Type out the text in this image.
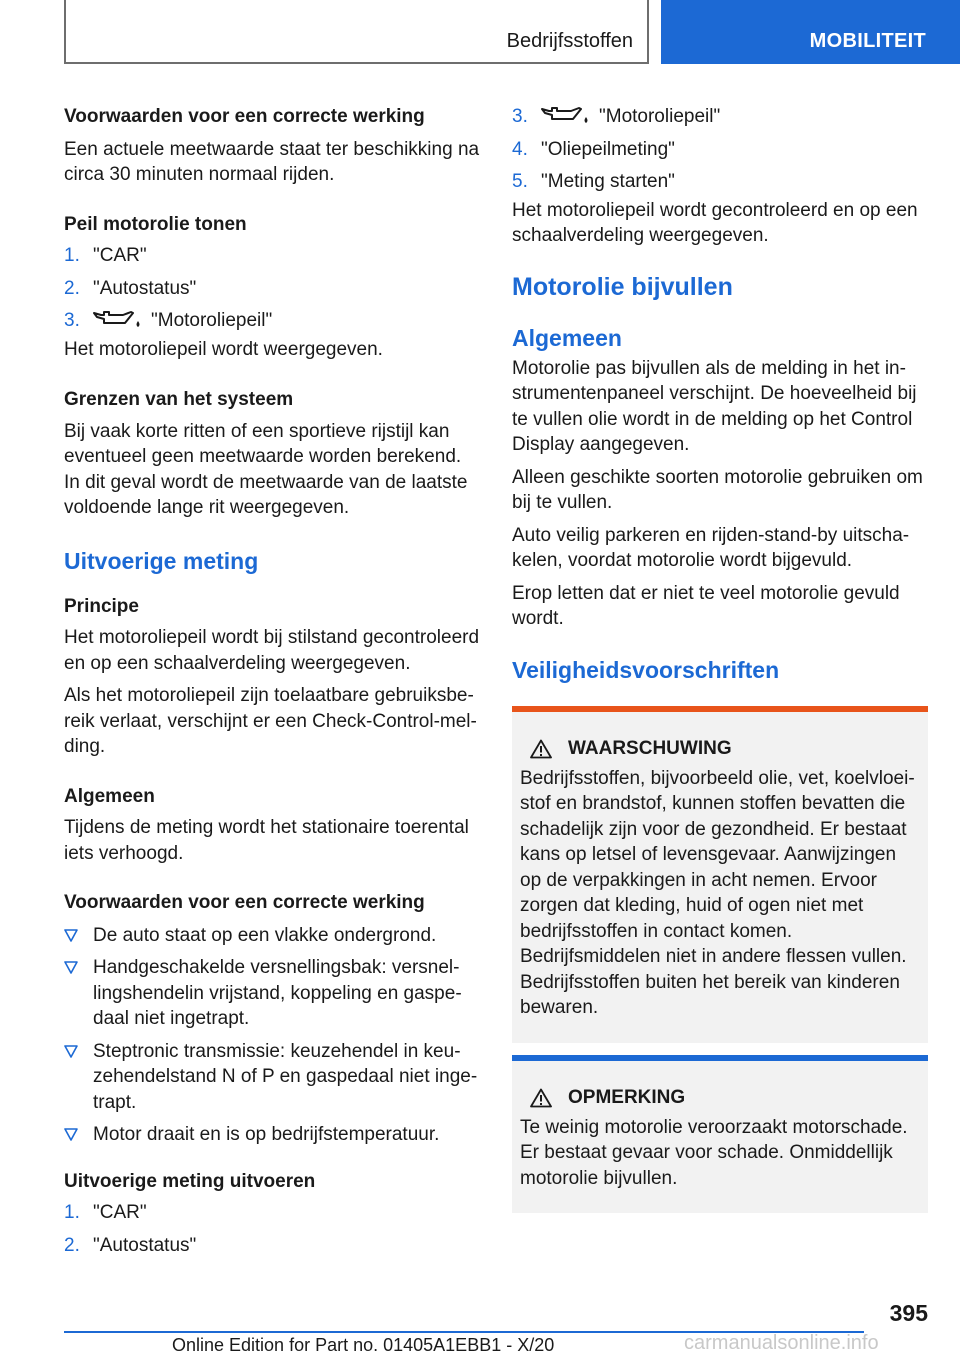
Bedrijfsstoffen	MOBILITEIT
Voorwaarden voor een correcte werking
Een actuele meetwaarde staat ter beschikking na circa 30 minuten normaal rijden.
Peil motorolie tonen
1. "CAR"
2. "Autostatus"
3.	"Motoroliepeil"
Het motoroliepeil wordt weergegeven.
Grenzen van het systeem
Bij vaak korte ritten of een sportieve rijstijl kan eventueel geen meetwaarde worden berekend. In dit geval wordt de meetwaarde van de laatste voldoende lange rit weergegeven.
Uitvoerige meting
Principe
Het motoroliepeil wordt bij stilstand gecontroleerd en op een schaalverdeling weergegeven.
Als het motoroliepeil zijn toelaatbare gebruiksbereik verlaat, verschijnt er een Check-Control-melding.
Algemeen
Tijdens de meting wordt het stationaire toerental iets verhoogd.
Voorwaarden voor een correcte werking
De auto staat op een vlakke ondergrond.
Handgeschakelde versnellingsbak: versnellingshendelin vrijstand, koppeling en gaspedaal niet ingetrapt.
Steptronic transmissie: keuzehendel in keuzehendelstand N of P en gaspedaal niet ingetrapt.
Motor draait en is op bedrijfstemperatuur.
Uitvoerige meting uitvoeren
1. "CAR"
2. "Autostatus"
3.	"Motoroliepeil"
4. "Oliepeilmeting"
5. "Meting starten"
Het motoroliepeil wordt gecontroleerd en op een schaalverdeling weergegeven.
Motorolie bijvullen
Algemeen
Motorolie pas bijvullen als de melding in het instrumentenpaneel verschijnt. De hoeveelheid bij te vullen olie wordt in de melding op het Control Display aangegeven.
Alleen geschikte soorten motorolie gebruiken om bij te vullen.
Auto veilig parkeren en rijden-stand-by uitschakelen, voordat motorolie wordt bijgevuld.
Erop letten dat er niet te veel motorolie gevuld wordt.
Veiligheidsvoorschriften
WAARSCHUWING
Bedrijfsstoffen, bijvoorbeeld olie, vet, koelvloeistof en brandstof, kunnen stoffen bevatten die schadelijk zijn voor de gezondheid. Er bestaat kans op letsel of levensgevaar. Aanwijzingen op de verpakkingen in acht nemen. Ervoor zorgen dat kleding, huid of ogen niet met bedrijfsstoffen in contact komen. Bedrijfsmiddelen niet in andere flessen vullen. Bedrijfsstoffen buiten het bereik van kinderen bewaren.
OPMERKING
Te weinig motorolie veroorzaakt motorschade. Er bestaat gevaar voor schade. Onmiddellijk motorolie bijvullen.
395
Online Edition for Part no. 01405A1EBB1 - X/20	carmanualsonline.info
